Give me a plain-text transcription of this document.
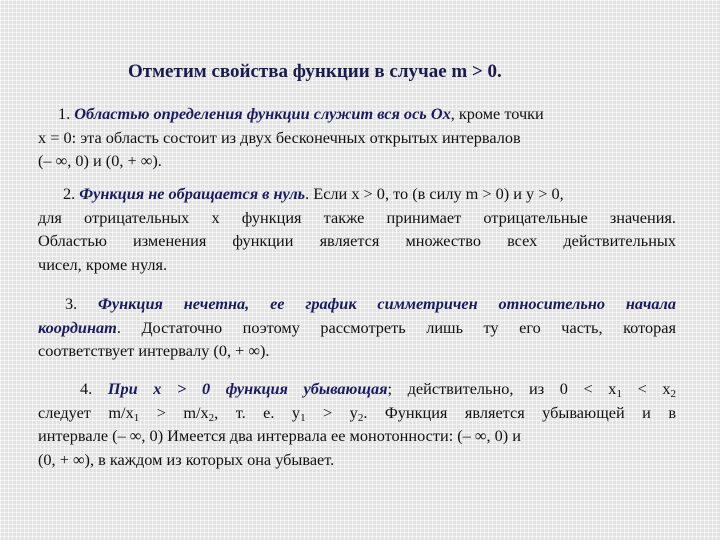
Отметим свойства функции в случае m > 0.
1. Областью определения функции служит вся ось Ox, кроме точки
x = 0: эта область состоит из двух бесконечных открытых интервалов
(– ∞, 0) и (0, + ∞).
2. Функция не обращается в нуль. Если x > 0, то (в силу m > 0) и y > 0,
для отрицательных x функция также принимает отрицательные значения.
Областью изменения функции является множество всех действительных
чисел, кроме нуля.
3. Функция нечетна, ее график симметричен относительно начала
координат. Достаточно поэтому рассмотреть лишь ту его часть, которая
соответствует интервалу (0, + ∞).
4. При x > 0 функция убывающая; действительно, из $0 < x_1 < x_2$
следует $m/x_1 > m/x_2$, т. е. $y_1 > y_2$. Функция является убывающей и в
интервале (– ∞, 0) Имеется два интервала ее монотонности: (– ∞, 0) и
(0, + ∞), в каждом из которых она убывает.
